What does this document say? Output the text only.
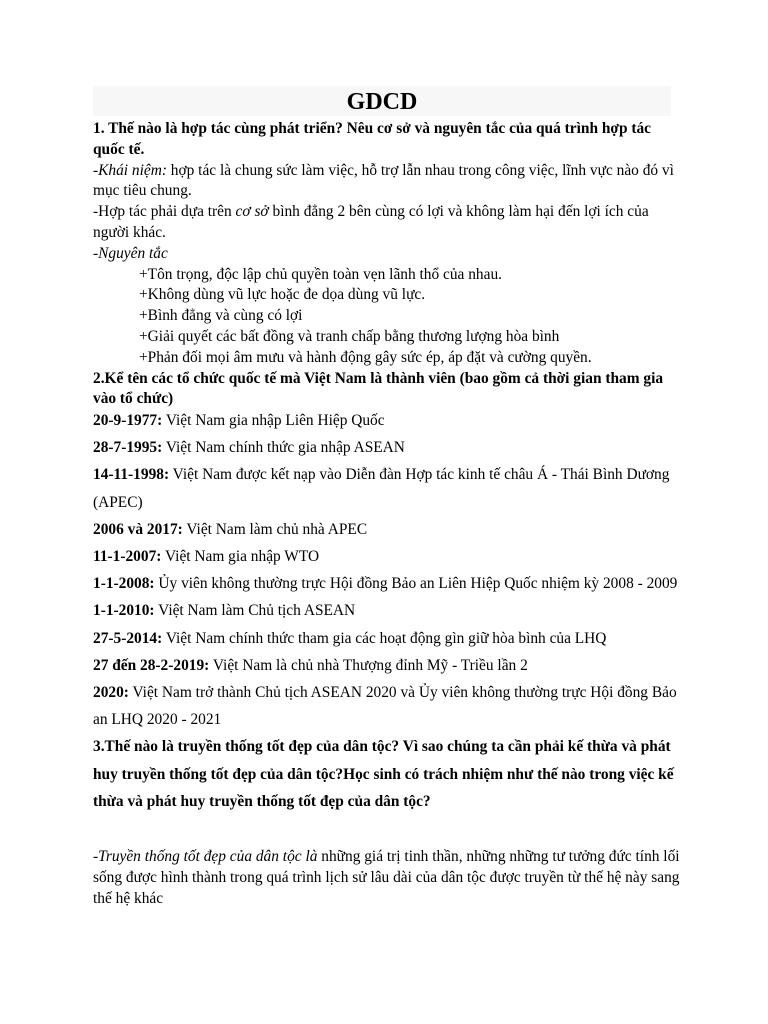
GDCD
1. Thế nào là hợp tác cùng phát triển? Nêu cơ sở và nguyên tắc của quá trình hợp tác quốc tế.
-Khái niệm: hợp tác là chung sức làm việc, hỗ trợ lẫn nhau trong công việc, lĩnh vực nào đó vì mục tiêu chung.
-Hợp tác phải dựa trên cơ sở bình đẳng 2 bên cùng có lợi và không làm hại đến lợi ích của người khác.
-Nguyên tắc
+Tôn trọng, độc lập chủ quyền toàn vẹn lãnh thổ của nhau.
+Không dùng vũ lực hoặc đe dọa dùng vũ lực.
+Bình đẳng và cùng có lợi
+Giải quyết các bất đồng và tranh chấp bằng thương lượng hòa bình
+Phản đối mọi âm mưu và hành động gây sức ép, áp đặt và cường quyền.
2.Kể tên các tổ chức quốc tế mà Việt Nam là thành viên (bao gồm cả thời gian tham gia vào tổ chức)
20-9-1977: Việt Nam gia nhập Liên Hiệp Quốc
28-7-1995: Việt Nam chính thức gia nhập ASEAN
14-11-1998: Việt Nam được kết nạp vào Diễn đàn Hợp tác kinh tế châu Á - Thái Bình Dương (APEC)
2006 và 2017: Việt Nam làm chủ nhà APEC
11-1-2007: Việt Nam gia nhập WTO
1-1-2008: Ủy viên không thường trực Hội đồng Bảo an Liên Hiệp Quốc nhiệm kỳ 2008 - 2009
1-1-2010: Việt Nam làm Chủ tịch ASEAN
27-5-2014: Việt Nam chính thức tham gia các hoạt động gìn giữ hòa bình của LHQ
27 đến 28-2-2019: Việt Nam là chủ nhà Thượng đỉnh Mỹ - Triều lần 2
2020: Việt Nam trở thành Chủ tịch ASEAN 2020 và Ủy viên không thường trực Hội đồng Bảo an LHQ 2020 - 2021
3.Thế nào là truyền thống tốt đẹp của dân tộc? Vì sao chúng ta cần phải kế thừa và phát huy truyền thống tốt đẹp của dân tộc?Học sinh có trách nhiệm như thế nào trong việc kế thừa và phát huy truyền thống tốt đẹp của dân tộc?
-Truyền thống tốt đẹp của dân tộc là những giá trị tinh thần, những những tư tưởng đức tính lối sống được hình thành trong quá trình lịch sử lâu dài của dân tộc được truyền từ thế hệ này sang thế hệ khác
